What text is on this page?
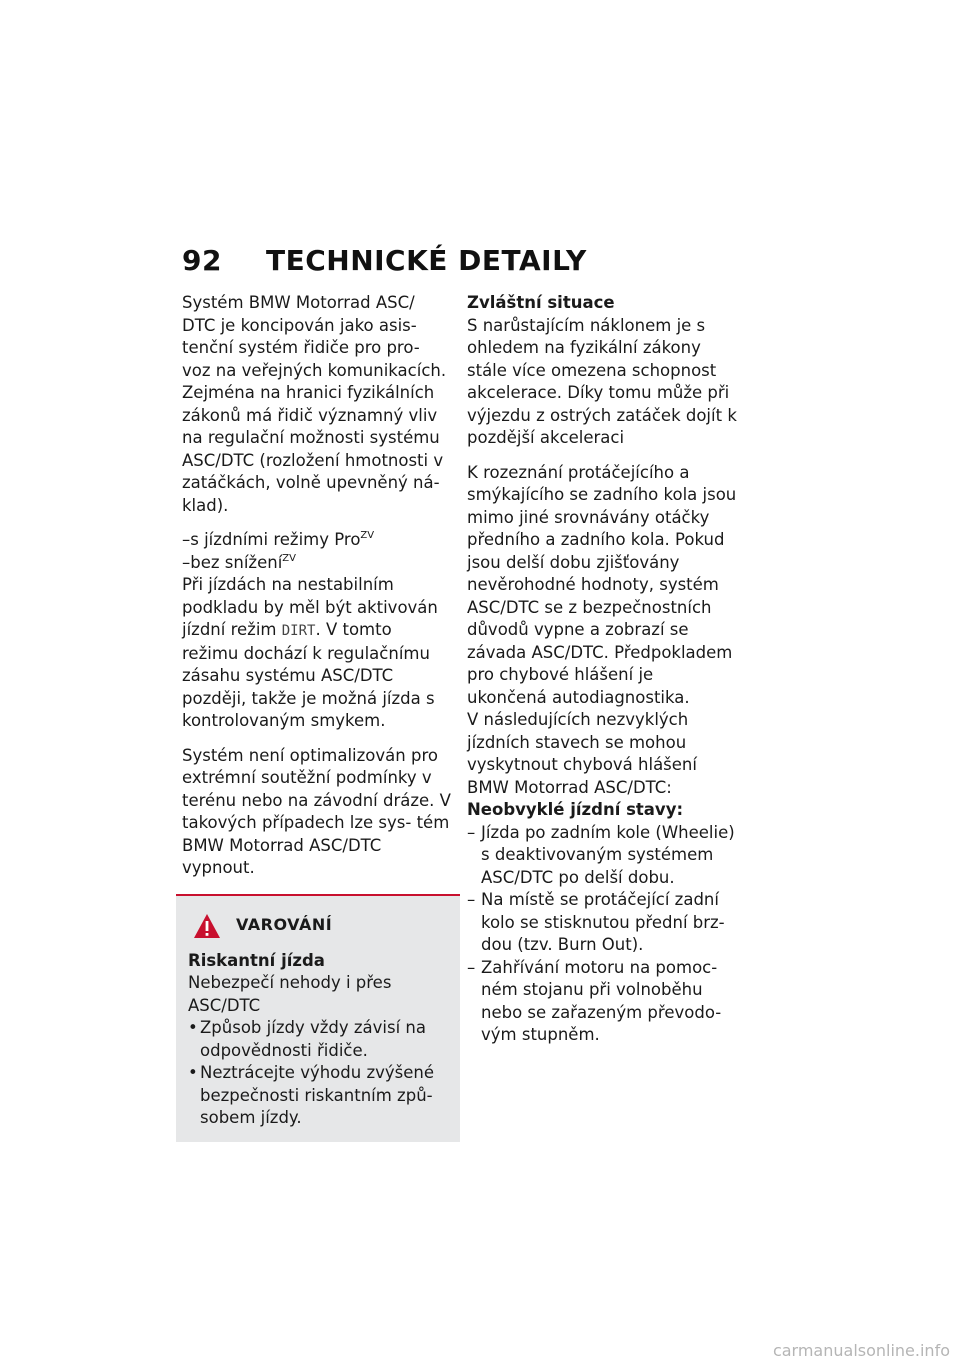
92 TECHNICKÉ DETAILY

Systém BMW Motorrad ASC/ DTC je koncipován jako asis- tenční systém řidiče pro pro- voz na veřejných komunikacích. Zejména na hranici fyzikálních zákonů má řidič významný vliv na regulační možnosti systému ASC/DTC (rozložení hmotnosti v zatáčkách, volně upevněný ná- klad).

–s jízdními režimy Pro$^{ZV}$
–bez snížení$^{ZV}$

Při jízdách na nestabilním podkladu by měl být aktivován jízdní režim DIRT. V tomto režimu dochází k regulačnímu zásahu systému ASC/DTC později, takže je možná jízda s kontrolovaným smykem.

Systém není optimalizován pro extrémní soutěžní podmínky v terénu nebo na závodní dráze. V takových případech lze sys- tém BMW Motorrad ASC/DTC vypnout.

VAROVÁNÍ
Riskantní jízda
Nebezpečí nehody i přes ASC/DTC
• Způsob jízdy vždy závisí na odpovědnosti řidiče.
• Neztrácejte výhodu zvýšené bezpečnosti riskantním způ- sobem jízdy.
Zvláštní situace

S narůstajícím náklonem je s ohledem na fyzikální zákony stále více omezena schopnost akcelerace. Díky tomu může při výjezdu z ostrých zatáček dojít k pozdější akceleraci

K rozeznání protáčejícího a smýkajícího se zadního kola jsou mimo jiné srovnávány otáčky předního a zadního kola. Pokud jsou delší dobu zjišťovány nevěrohodné hodnoty, systém ASC/DTC se z bezpečnostních důvodů vypne a zobrazí se závada ASC/DTC. Předpokladem pro chybové hlášení je ukončená autodiagnostika.

V následujících nezvyklých jízdních stavech se mohou vyskytnout chybová hlášení BMW Motorrad ASC/DTC:
Neobvyklé jízdní stavy:
– Jízda po zadním kole (Wheelie) s deaktivovaným systémem ASC/DTC po delší dobu.
– Na místě se protáčející zadní kolo se stisknutou přední brz- dou (tzv. Burn Out).
– Zahřívání motoru na pomoc- ném stojanu při volnoběhu nebo se zařazeným převodo- vým stupněm.
carmanualsonline.info
